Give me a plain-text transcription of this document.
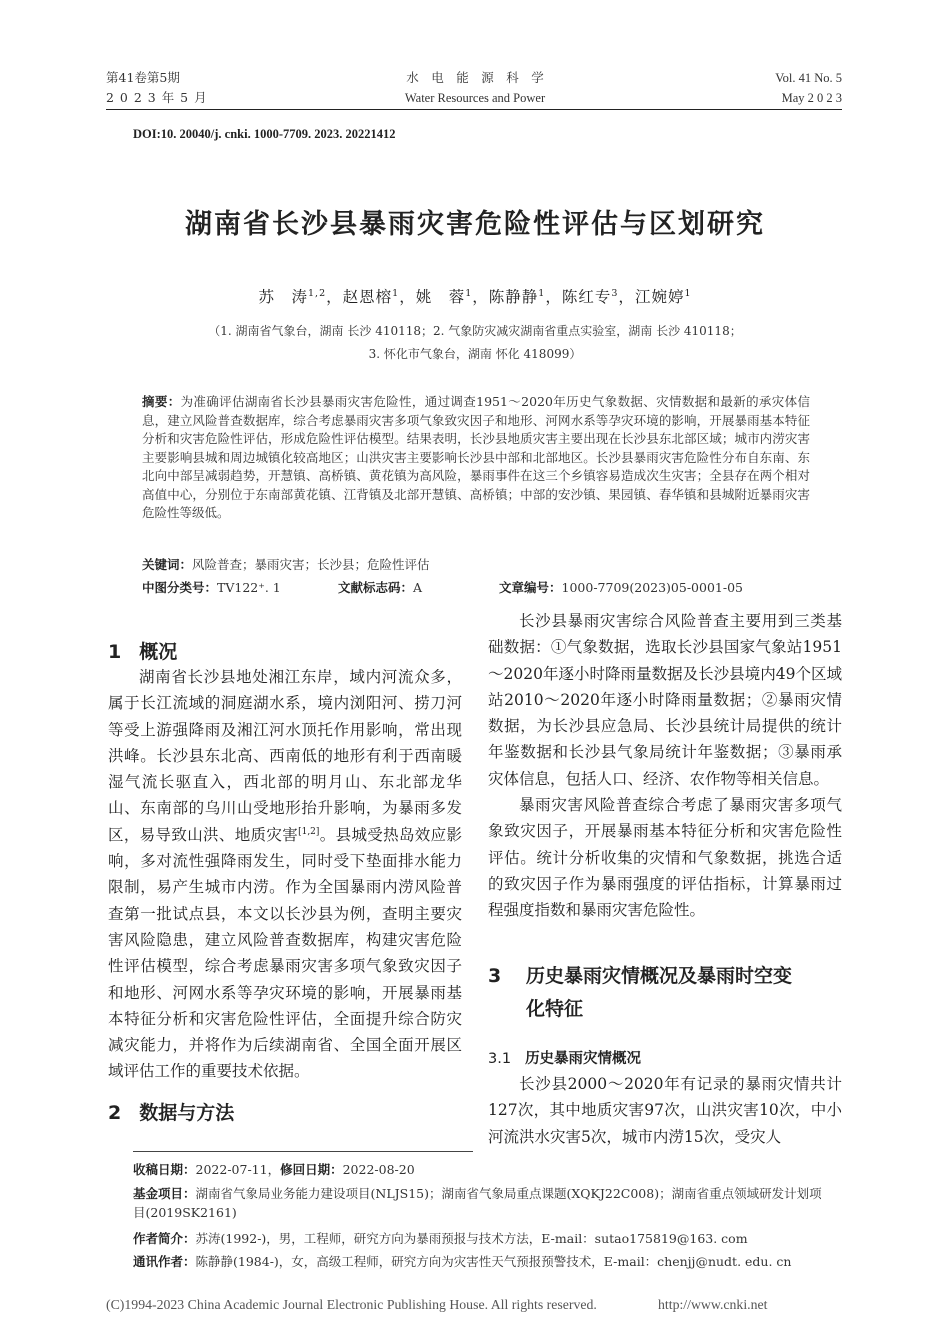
第41卷第5期
2 0 2 3 年 5 月
水　电　能　源　科　学
Water Resources and Power
Vol. 41 No. 5
May 2 0 2 3
DOI:10. 20040/j. cnki. 1000-7709. 2023. 20221412
湖南省长沙县暴雨灾害危险性评估与区划研究
苏　涛$^{1,2}$，赵恩榕$^1$，姚　蓉$^1$，陈静静$^1$，陈红专$^3$，江婉婷$^1$
（1. 湖南省气象台，湖南 长沙 410118；2. 气象防灾减灾湖南省重点实验室，湖南 长沙 410118；
3. 怀化市气象台，湖南 怀化 418099）
摘要：为准确评估湖南省长沙县暴雨灾害危险性，通过调查1951～2020年历史气象数据、灾情数据和最新的承灾体信息，建立风险普查数据库，综合考虑暴雨灾害多项气象致灾因子和地形、河网水系等孕灾环境的影响，开展暴雨基本特征分析和灾害危险性评估，形成危险性评估模型。结果表明，长沙县地质灾害主要出现在长沙县东北部区域；城市内涝灾害主要影响县城和周边城镇化较高地区；山洪灾害主要影响长沙县中部和北部地区。长沙县暴雨灾害危险性分布自东南、东北向中部呈减弱趋势，开慧镇、高桥镇、黄花镇为高风险，暴雨事件在这三个乡镇容易造成次生灾害；全县存在两个相对高值中心，分别位于东南部黄花镇、江背镇及北部开慧镇、高桥镇；中部的安沙镇、果园镇、春华镇和县城附近暴雨灾害危险性等级低。
关键词：风险普查；暴雨灾害；长沙县；危险性评估
中图分类号：TV122⁺. 1	文献标志码：A	文章编号：1000-7709(2023)05-0001-05
1 概况

湖南省长沙县地处湘江东岸，域内河流众多，属于长江流域的洞庭湖水系，境内浏阳河、捞刀河等受上游强降雨及湘江河水顶托作用影响，常出现洪峰。长沙县东北高、西南低的地形有利于西南暖湿气流长驱直入，西北部的明月山、东北部龙华山、东南部的乌川山受地形抬升影响，为暴雨多发区，易导致山洪、地质灾害[1,2]。县城受热岛效应影响，多对流性强降雨发生，同时受下垫面排水能力限制，易产生城市内涝。作为全国暴雨内涝风险普查第一批试点县，本文以长沙县为例，查明主要灾害风险隐患，建立风险普查数据库，构建灾害危险性评估模型，综合考虑暴雨灾害多项气象致灾因子和地形、河网水系等孕灾环境的影响，开展暴雨基本特征分析和灾害危险性评估，全面提升综合防灾减灾能力，并将作为后续湖南省、全国全面开展区域评估工作的重要技术依据。

2 数据与方法

长沙县暴雨灾害综合风险普查主要用到三类基础数据：①气象数据，选取长沙县国家气象站1951～2020年逐小时降雨量数据及长沙县境内49个区域站2010～2020年逐小时降雨量数据；②暴雨灾情数据，为长沙县应急局、长沙县统计局提供的统计年鉴数据和长沙县气象局统计年鉴数据；③暴雨承灾体信息，包括人口、经济、农作物等相关信息。

暴雨灾害风险普查综合考虑了暴雨灾害多项气象致灾因子，开展暴雨基本特征分析和灾害危险性评估。统计分析收集的灾情和气象数据，挑选合适的致灾因子作为暴雨强度的评估指标，计算暴雨过程强度指数和暴雨灾害危险性。

3	历史暴雨灾情概况及暴雨时空变
化特征
3.1 历史暴雨灾情概况

长沙县2000～2020年有记录的暴雨灾情共计127次，其中地质灾害97次，山洪灾害10次，中小河流洪水灾害5次，城市内涝15次，受灾人

收稿日期：2022-07-11，修回日期：2022-08-20
基金项目：湖南省气象局业务能力建设项目(NLJS15)；湖南省气象局重点课题(XQKJ22C008)；湖南省重点领域研发计划项目(2019SK2161)
作者简介：苏涛(1992-)，男，工程师，研究方向为暴雨预报与技术方法，E-mail：sutao175819@163. com
通讯作者：陈静静(1984-)，女，高级工程师，研究方向为灾害性天气预报预警技术，E-mail：chenjj@nudt. edu. cn
(C)1994-2023 China Academic Journal Electronic Publishing House. All rights reserved.	http://www.cnki.net
